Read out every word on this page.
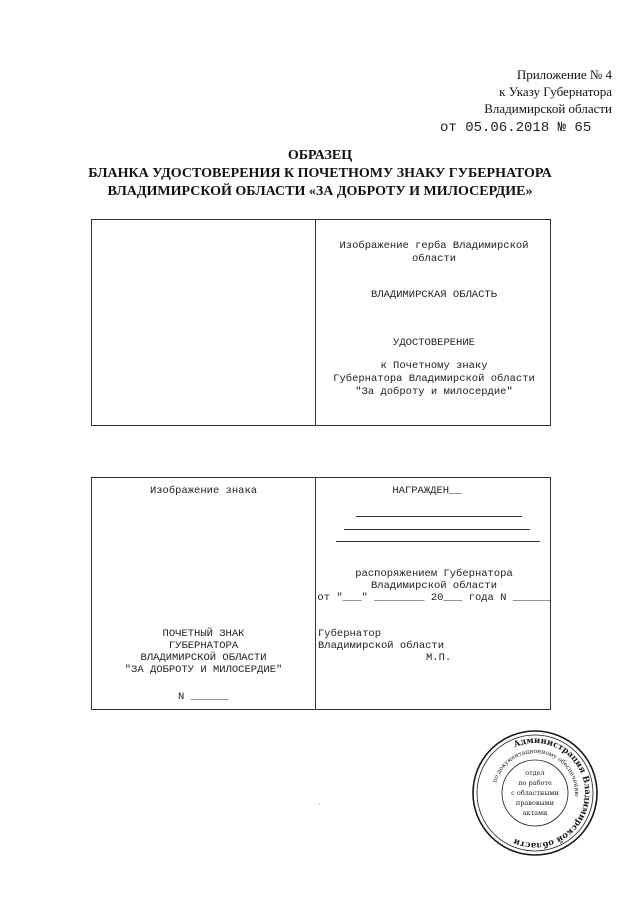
Приложение № 4
к Указу Губернатора
Владимирской области
от 05.06.2018 № 65
ОБРАЗЕЦ
БЛАНКА УДОСТОВЕРЕНИЯ К ПОЧЕТНОМУ ЗНАКУ ГУБЕРНАТОРА
ВЛАДИМИРСКОЙ ОБЛАСТИ «ЗА ДОБРОТУ И МИЛОСЕРДИЕ»
Изображение герба Владимирской
области
ВЛАДИМИРСКАЯ ОБЛАСТЬ
УДОСТОВЕРЕНИЕ
к Почетному знаку
Губернатора Владимирской области
"За доброту и милосердие"
Изображение знака
ПОЧЕТНЫЙ ЗНАК
ГУБЕРНАТОРА
ВЛАДИМИРСКОЙ ОБЛАСТИ
"ЗА ДОБРОТУ И МИЛОСЕРДИЕ"
N ______
НАГРАЖДЕН__
распоряжением Губернатора
Владимирской области
от "___" ________ 20___ года N ______
Губернатор
Владимирской области
М.П.
Администрация Владимирской области
по документационному обеспечению
отдел
по работе
с областными
правовыми
актами
·
